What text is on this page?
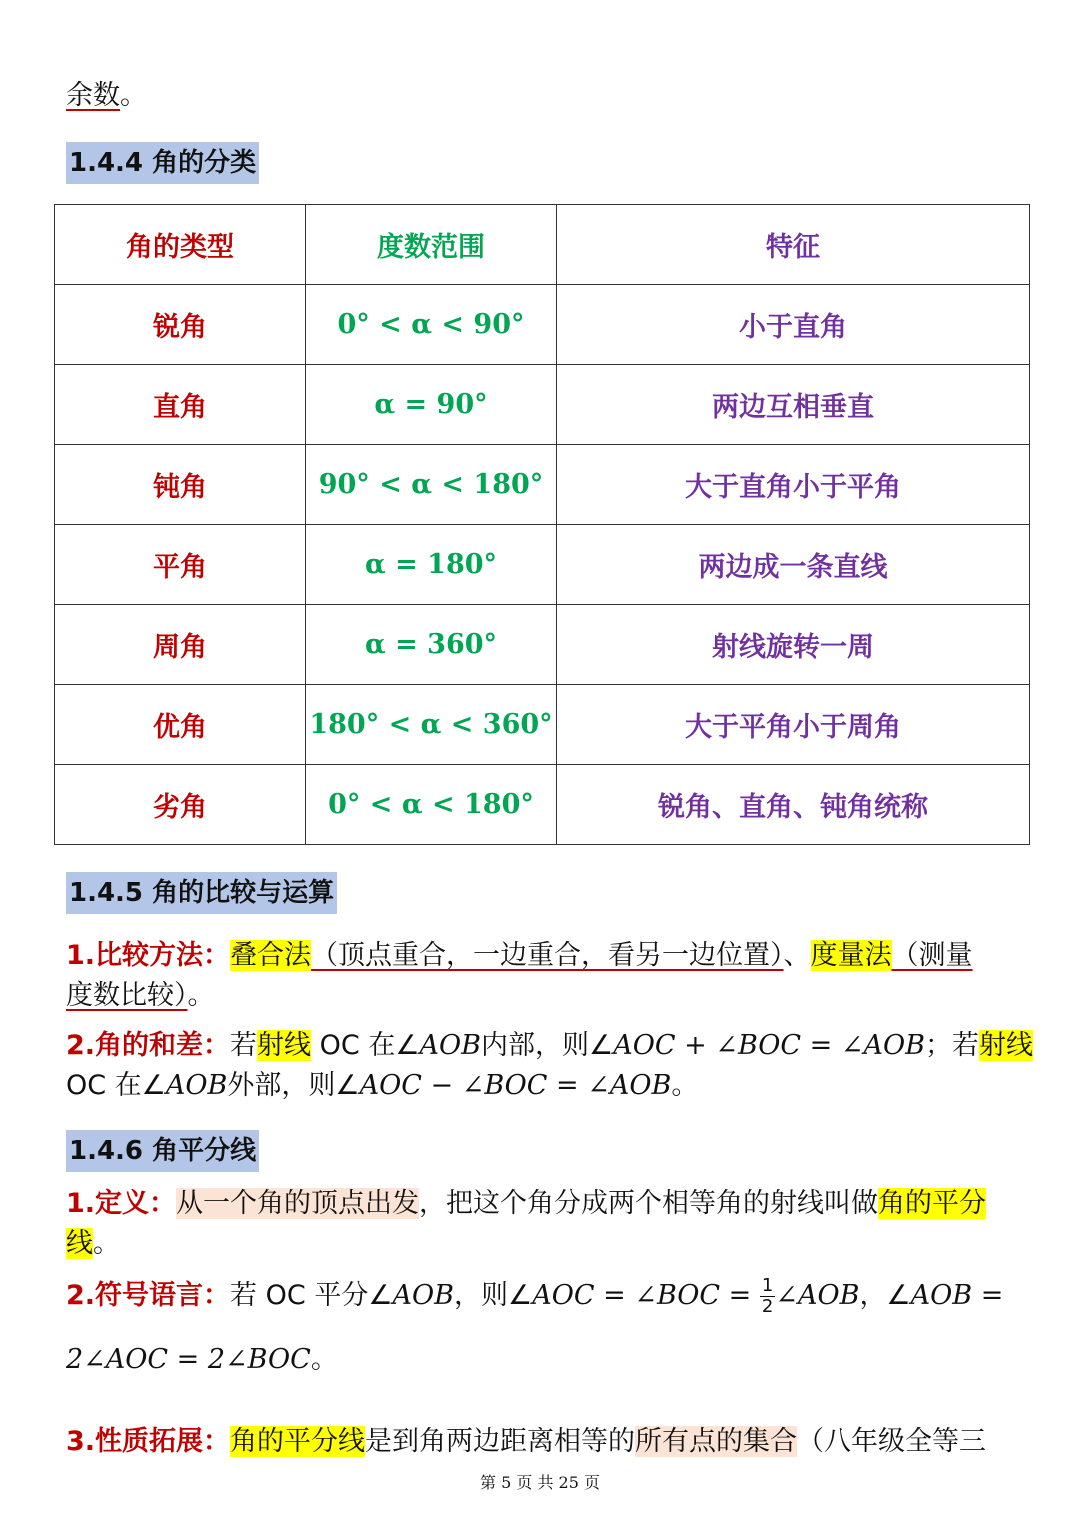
余数。
1.4.4 角的分类
角的类型	度数范围	特征
锐角	0° < α < 90°	小于直角
直角	α = 90°	两边互相垂直
钝角	90° < α < 180°	大于直角小于平角
平角	α = 180°	两边成一条直线
周角	α = 360°	射线旋转一周
优角	180° < α < 360°	大于平角小于周角
劣角	0° < α < 180°	锐角、直角、钝角统称
1.4.5 角的比较与运算
1.比较方法：叠合法（顶点重合，一边重合，看另一边位置）、度量法（测量
度数比较）。
2.角的和差：若射线 OC 在∠AOB内部，则∠AOC + ∠BOC = ∠AOB；若射线
OC 在∠AOB外部，则∠AOC − ∠BOC = ∠AOB。
1.4.6 角平分线
1.定义：从一个角的顶点出发，把这个角分成两个相等角的射线叫做角的平分
线。
2.符号语言：若 OC 平分∠AOB，则∠AOC = ∠BOC = $\frac{1}{2}$ ∠AOB，∠AOB =
2∠AOC = 2∠BOC。
3.性质拓展：角的平分线是到角两边距离相等的所有点的集合（八年级全等三
第 5 页 共 25 页
